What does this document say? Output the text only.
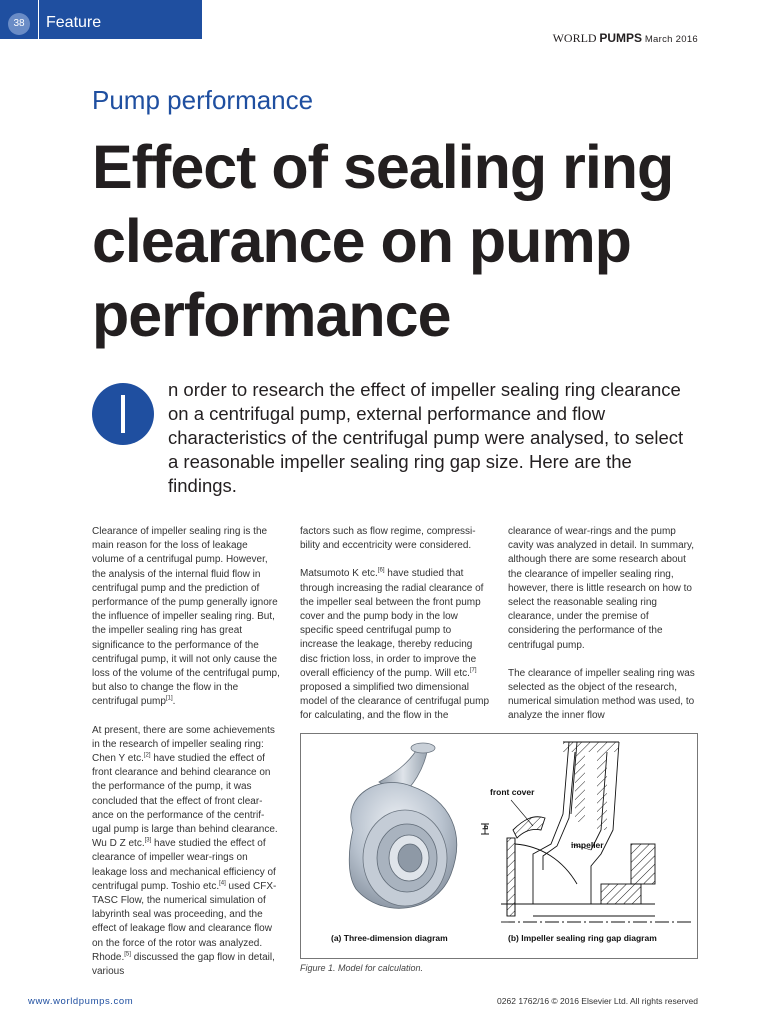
38	Feature
WORLD PUMPS March 2016
Pump performance
Effect of sealing ring clearance on pump performance

n order to research the effect of impeller sealing ring clearance on a centrifugal pump, external performance and flow characteristics of the centrifugal pump were analysed, to select a reasonable impeller sealing ring gap size. Here are the findings.

Clearance of impeller sealing ring is the main reason for the loss of leakage volume of a centrifugal pump. However, the analysis of the internal fluid flow in centrifugal pump and the prediction of performance of the pump generally ignore the influence of impeller sealing ring. But, the impeller sealing ring has great significance to the performance of the centrifugal pump, it will not only cause the loss of the volume of the centrifugal pump, but also to change the flow in the centrifugal pump[1].

At present, there are some achievements in the research of impeller sealing ring: Chen Y etc.[2] have studied the effect of front clearance and behind clearance on the performance of the pump, it was concluded that the effect of front clear-ance on the performance of the centrif-ugal pump is large than behind clearance. Wu D Z etc.[3] have studied the effect of clearance of impeller wear-rings on leakage loss and mechanical efficiency of centrifugal pump. Toshio etc.[4] used CFX-TASC Flow, the numerical simulation of labyrinth seal was proceeding, and the effect of leakage flow and clearance flow on the force of the rotor was analyzed. Rhode.[5] discussed the gap flow in detail, various

factors such as flow regime, compressi-bility and eccentricity were considered.

Matsumoto K etc.[6] have studied that through increasing the radial clearance of the impeller seal between the front pump cover and the pump body in the low specific speed centrifugal pump to increase the leakage, thereby reducing disc friction loss, in order to improve the overall efficiency of the pump. Will etc.[7] proposed a simplified two dimensional model of the clearance of centrifugal pump for calculating, and the flow in the

clearance of wear-rings and the pump cavity was analyzed in detail. In summary, although there are some research about the clearance of impeller sealing ring, however, there is little research on how to select the reasonable sealing ring clearance, under the premise of considering the performance of the centrifugal pump.

The clearance of impeller sealing ring was selected as the object of the research, numerical simulation method was used, to analyze the inner flow

front cover
impeller
b
(a) Three-dimension diagram	(b) Impeller sealing ring gap diagram
Figure 1. Model for calculation.
www.worldpumps.com	0262 1762/16 © 2016 Elsevier Ltd. All rights reserved
